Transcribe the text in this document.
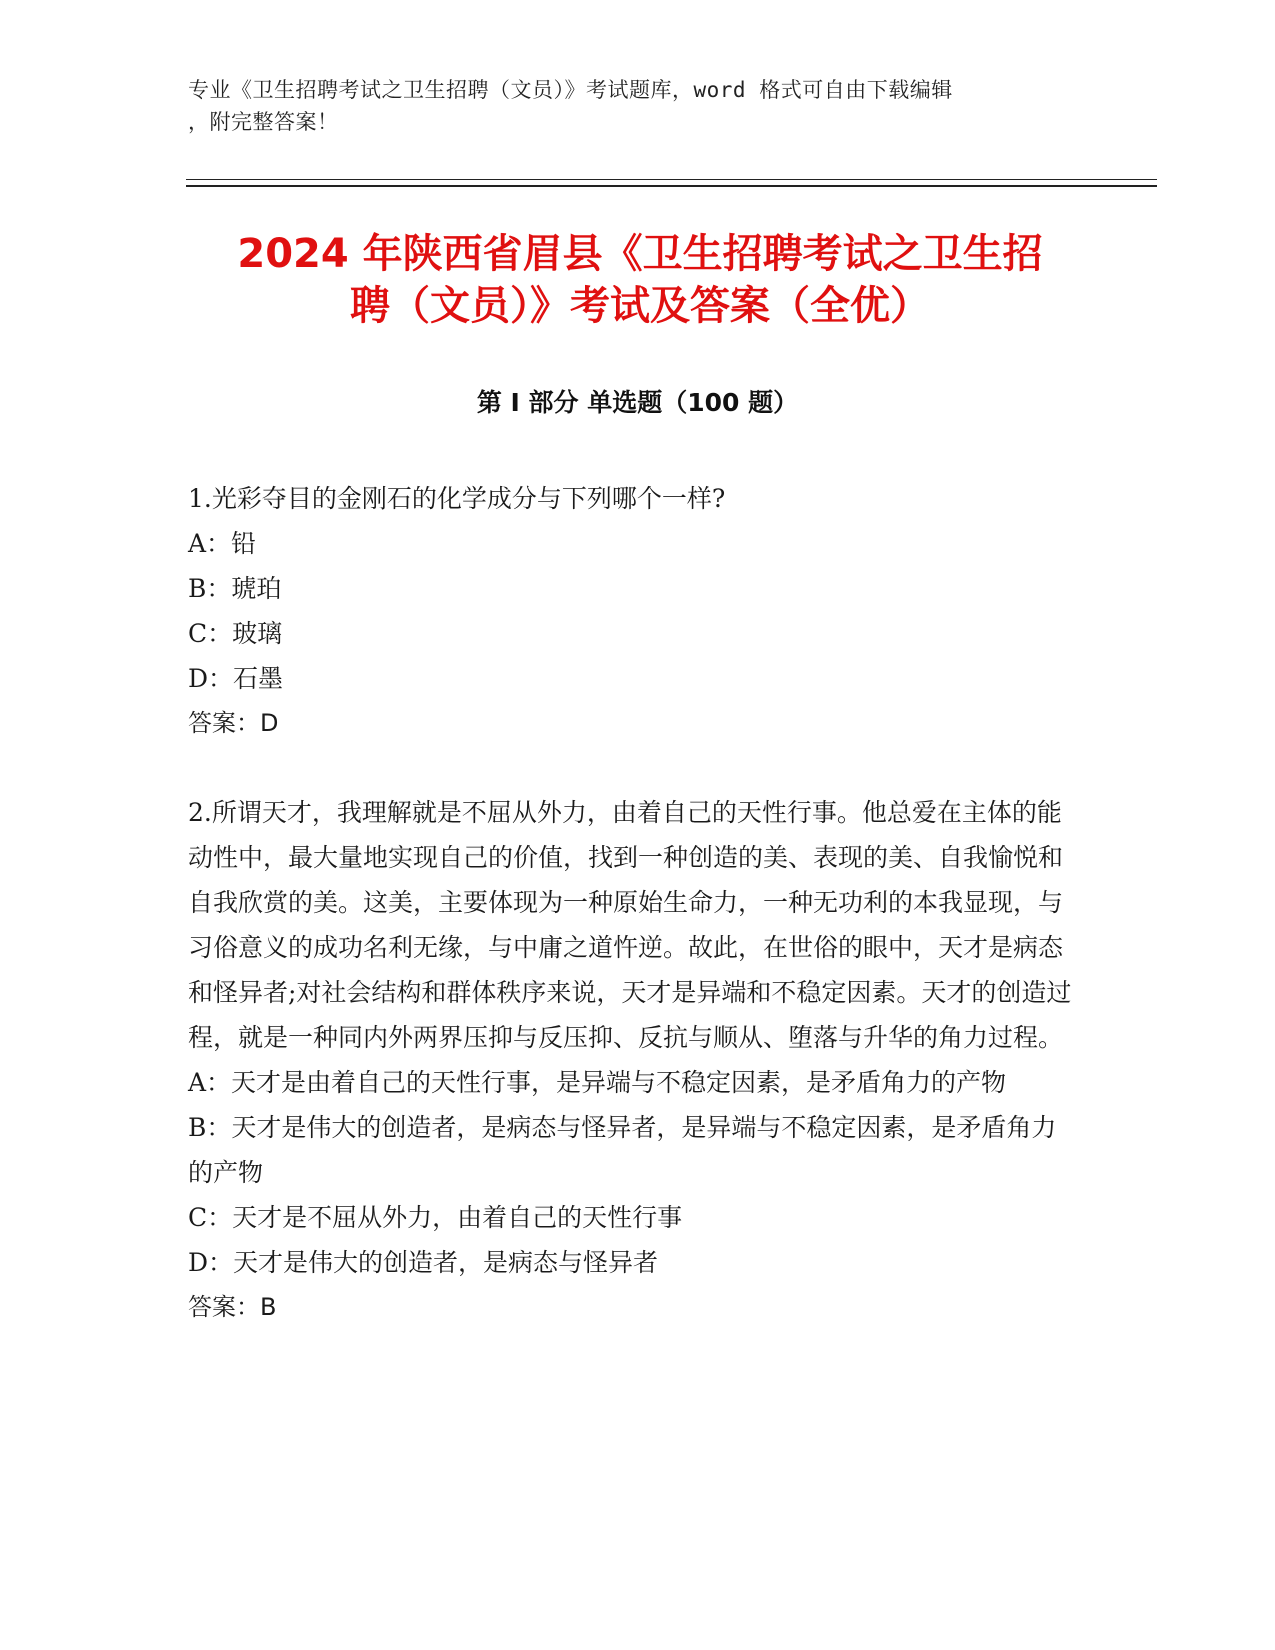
专业《卫生招聘考试之卫生招聘（文员）》考试题库，word 格式可自由下载编辑
，附完整答案！
2024 年陕西省眉县《卫生招聘考试之卫生招
聘（文员）》考试及答案（全优）
第 I 部分 单选题（100 题）

1.光彩夺目的金刚石的化学成分与下列哪个一样?

A：铅

B：琥珀

C：玻璃

D：石墨

答案：D

2.所谓天才，我理解就是不屈从外力，由着自己的天性行事。他总爱在主体的能动性中，最大量地实现自己的价值，找到一种创造的美、表现的美、自我愉悦和自我欣赏的美。这美，主要体现为一种原始生命力，一种无功利的本我显现，与习俗意义的成功名利无缘，与中庸之道忤逆。故此，在世俗的眼中，天才是病态和怪异者;对社会结构和群体秩序来说，天才是异端和不稳定因素。天才的创造过程，就是一种同内外两界压抑与反压抑、反抗与顺从、堕落与升华的角力过程。

A：天才是由着自己的天性行事，是异端与不稳定因素，是矛盾角力的产物

B：天才是伟大的创造者，是病态与怪异者，是异端与不稳定因素，是矛盾角力的产物

C：天才是不屈从外力，由着自己的天性行事

D：天才是伟大的创造者，是病态与怪异者

答案：B
